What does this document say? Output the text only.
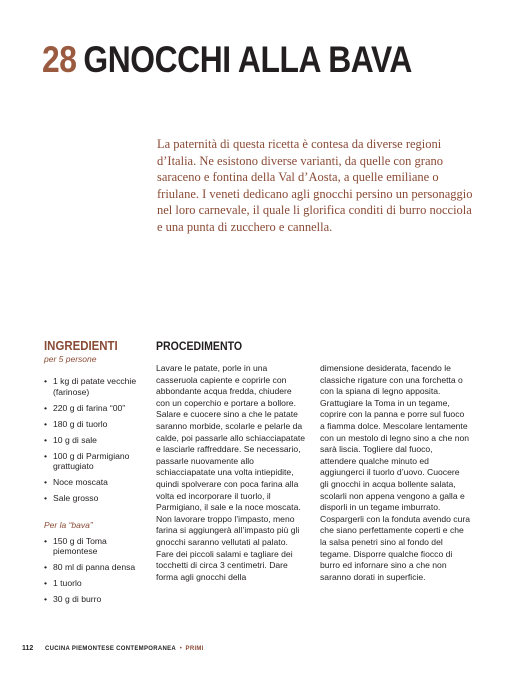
28 GNOCCHI ALLA BAVA

La paternità di questa ricetta è contesa da diverse regioni d’Italia. Ne esistono diverse varianti, da quelle con grano saraceno e fontina della Val d’Aosta, a quelle emiliane o friulane. I veneti dedicano agli gnocchi persino un personaggio nel loro carnevale, il quale li glorifica conditi di burro nocciola e una punta di zucchero e cannella.

INGREDIENTI
per 5 persone
• 1 kg di patate vecchie (farinose)
• 220 g di farina “00”
• 180 g di tuorlo
• 10 g di sale
• 100 g di Parmigiano grattugiato
• Noce moscata
• Sale grosso
Per la “bava”
• 150 g di Toma piemontese
• 80 ml di panna densa
• 1 tuorlo
• 30 g di burro
PROCEDIMENTO

Lavare le patate, porle in una casseruola capiente e coprirle con abbondante acqua fredda, chiudere con un coperchio e portare a bollore. Salare e cuocere sino a che le patate saranno morbide, scolarle e pelarle da calde, poi passarle allo schiacciapatate e lasciarle raffreddare. Se necessario, passarle nuovamente allo schiacciapatate una volta intiepidite, quindi spolverare con poca farina alla volta ed incorporare il tuorlo, il Parmigiano, il sale e la noce moscata. Non lavorare troppo l’impasto, meno farina si aggiungerà all’impasto più gli gnocchi saranno vellutati al palato.

Fare dei piccoli salami e tagliare dei tocchetti di circa 3 centimetri. Dare forma agli gnocchi della

dimensione desiderata, facendo le classiche rigature con una forchetta o con la spiana di legno apposita. Grattugiare la Toma in un tegame, coprire con la panna e porre sul fuoco a fiamma dolce. Mescolare lentamente con un mestolo di legno sino a che non sarà liscia. Togliere dal fuoco, attendere qualche minuto ed aggiungerci il tuorlo d’uovo. Cuocere gli gnocchi in acqua bollente salata, scolarli non appena vengono a galla e disporli in un tegame imburrato. Cospargerli con la fonduta avendo cura che siano perfettamente coperti e che la salsa penetri sino al fondo del tegame. Disporre qualche fiocco di burro ed infornare sino a che non saranno dorati in superficie.

112 CUCINA PIEMONTESE CONTEMPORANEA • PRIMI
